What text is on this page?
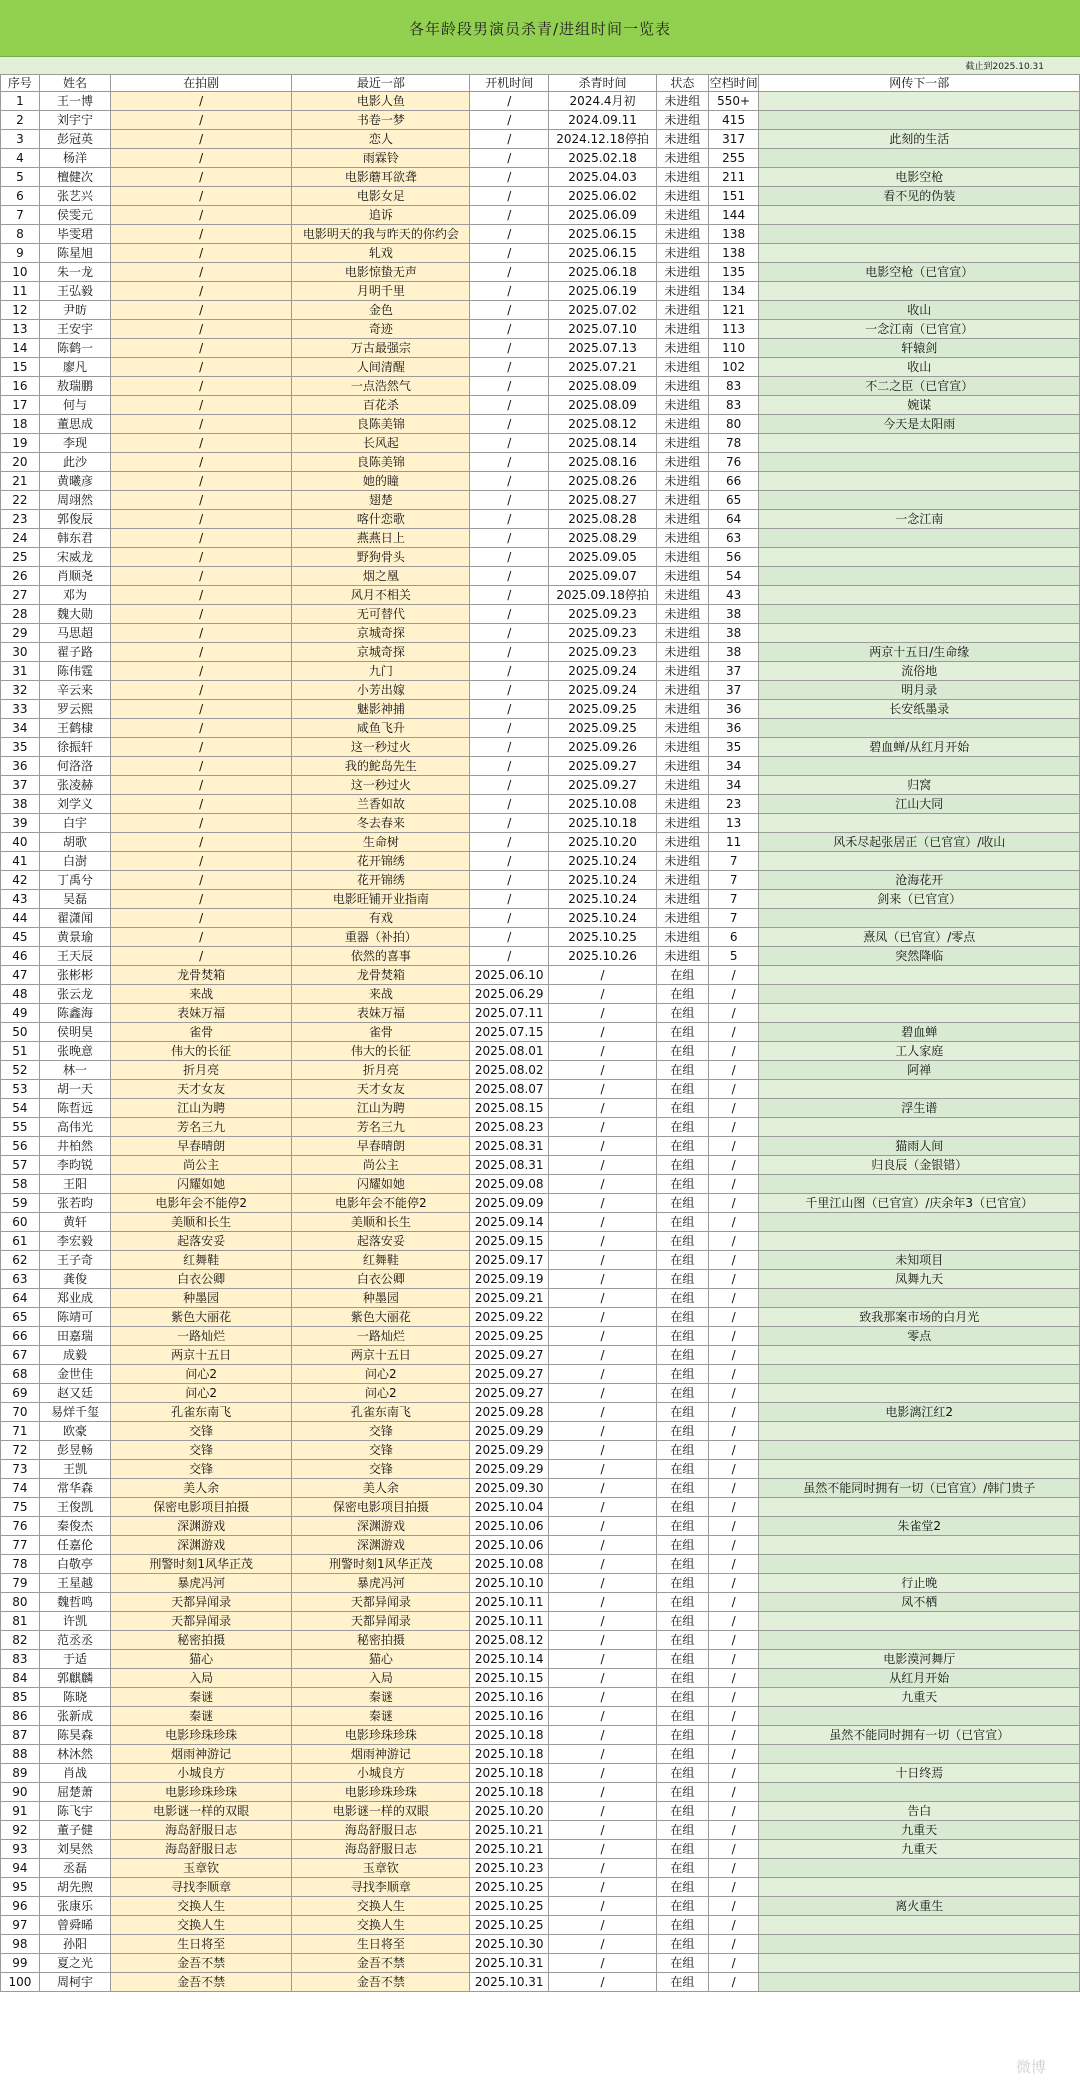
各年龄段男演员杀青/进组时间一览表
截止到2025.10.31
序号	姓名	在拍剧	最近一部	开机时间	杀青时间	状态	空档时间	网传下一部
1	王一博	/	电影人鱼	/	2024.4月初	未进组	550+	
2	刘宇宁	/	书卷一梦	/	2024.09.11	未进组	415	
3	彭冠英	/	恋人	/	2024.12.18停拍	未进组	317	此刻的生活
4	杨洋	/	雨霖铃	/	2025.02.18	未进组	255	
5	檀健次	/	电影蘑耳欲聋	/	2025.04.03	未进组	211	电影空枪
6	张艺兴	/	电影女足	/	2025.06.02	未进组	151	看不见的伪装
7	侯雯元	/	追诉	/	2025.06.09	未进组	144	
8	毕雯珺	/	电影明天的我与昨天的你约会	/	2025.06.15	未进组	138	
9	陈星旭	/	轧戏	/	2025.06.15	未进组	138	
10	朱一龙	/	电影惊蛰无声	/	2025.06.18	未进组	135	电影空枪（已官宣）
11	王弘毅	/	月明千里	/	2025.06.19	未进组	134	
12	尹昉	/	金色	/	2025.07.02	未进组	121	收山
13	王安宇	/	奇迹	/	2025.07.10	未进组	113	一念江南（已官宣）
14	陈鹤一	/	万古最强宗	/	2025.07.13	未进组	110	轩辕剑
15	廖凡	/	人间清醒	/	2025.07.21	未进组	102	收山
16	敖瑞鹏	/	一点浩然气	/	2025.08.09	未进组	83	不二之臣（已官宣）
17	何与	/	百花杀	/	2025.08.09	未进组	83	婉谋
18	董思成	/	良陈美锦	/	2025.08.12	未进组	80	今天是太阳雨
19	李现	/	长风起	/	2025.08.14	未进组	78	
20	此沙	/	良陈美锦	/	2025.08.16	未进组	76	
21	黄曦彦	/	她的瞳	/	2025.08.26	未进组	66	
22	周翊然	/	翅楚	/	2025.08.27	未进组	65	
23	郭俊辰	/	喀什恋歌	/	2025.08.28	未进组	64	一念江南
24	韩东君	/	燕燕日上	/	2025.08.29	未进组	63	
25	宋威龙	/	野狗骨头	/	2025.09.05	未进组	56	
26	肖顺尧	/	烟之凰	/	2025.09.07	未进组	54	
27	邓为	/	风月不相关	/	2025.09.18停拍	未进组	43	
28	魏大勋	/	无可替代	/	2025.09.23	未进组	38	
29	马思超	/	京城奇探	/	2025.09.23	未进组	38	
30	翟子路	/	京城奇探	/	2025.09.23	未进组	38	两京十五日/生命缘
31	陈伟霆	/	九门	/	2025.09.24	未进组	37	流俗地
32	辛云来	/	小芳出嫁	/	2025.09.24	未进组	37	明月录
33	罗云熙	/	魅影神捕	/	2025.09.25	未进组	36	长安纸墨录
34	王鹤棣	/	咸鱼飞升	/	2025.09.25	未进组	36	
35	徐振轩	/	这一秒过火	/	2025.09.26	未进组	35	碧血蝉/从红月开始
36	何洛洛	/	我的鮀岛先生	/	2025.09.27	未进组	34	
37	张凌赫	/	这一秒过火	/	2025.09.27	未进组	34	归窝
38	刘学义	/	兰香如故	/	2025.10.08	未进组	23	江山大同
39	白宇	/	冬去春来	/	2025.10.18	未进组	13	
40	胡歌	/	生命树	/	2025.10.20	未进组	11	风禾尽起张居正（已官宣）/收山
41	白澍	/	花开锦绣	/	2025.10.24	未进组	7	
42	丁禹兮	/	花开锦绣	/	2025.10.24	未进组	7	沧海花开
43	吴磊	/	电影旺铺开业指南	/	2025.10.24	未进组	7	剑来（已官宣）
44	翟潇闻	/	有戏	/	2025.10.24	未进组	7	
45	黄景瑜	/	重器（补拍）	/	2025.10.25	未进组	6	熹凤（已官宣）/零点
46	王天辰	/	依然的喜事	/	2025.10.26	未进组	5	突然降临
47	张彬彬	龙骨焚箱	龙骨焚箱	2025.06.10	/	在组	/	
48	张云龙	来战	来战	2025.06.29	/	在组	/	
49	陈鑫海	表妹万福	表妹万福	2025.07.11	/	在组	/	
50	侯明昊	雀骨	雀骨	2025.07.15	/	在组	/	碧血蝉
51	张晚意	伟大的长征	伟大的长征	2025.08.01	/	在组	/	工人家庭
52	林一	折月亮	折月亮	2025.08.02	/	在组	/	阿禅
53	胡一天	天才女友	天才女友	2025.08.07	/	在组	/	
54	陈哲远	江山为聘	江山为聘	2025.08.15	/	在组	/	浮生谱
55	高伟光	芳名三九	芳名三九	2025.08.23	/	在组	/	
56	井柏然	早春晴朗	早春晴朗	2025.08.31	/	在组	/	猫雨人间
57	李昀锐	尚公主	尚公主	2025.08.31	/	在组	/	归良辰（金银错）
58	王阳	闪耀如她	闪耀如她	2025.09.08	/	在组	/	
59	张若昀	电影年会不能停2	电影年会不能停2	2025.09.09	/	在组	/	千里江山图（已官宣）/庆余年3（已官宣）
60	黄轩	美顺和长生	美顺和长生	2025.09.14	/	在组	/	
61	李宏毅	起落安妥	起落安妥	2025.09.15	/	在组	/	
62	王子奇	红舞鞋	红舞鞋	2025.09.17	/	在组	/	未知项目
63	龚俊	白衣公卿	白衣公卿	2025.09.19	/	在组	/	凤舞九天
64	郑业成	种墨园	种墨园	2025.09.21	/	在组	/	
65	陈靖可	紫色大丽花	紫色大丽花	2025.09.22	/	在组	/	致我那案市场的白月光
66	田嘉瑞	一路灿烂	一路灿烂	2025.09.25	/	在组	/	零点
67	成毅	两京十五日	两京十五日	2025.09.27	/	在组	/	
68	金世佳	问心2	问心2	2025.09.27	/	在组	/	
69	赵又廷	问心2	问心2	2025.09.27	/	在组	/	
70	易烊千玺	孔雀东南飞	孔雀东南飞	2025.09.28	/	在组	/	电影漓江红2
71	欧豪	交锋	交锋	2025.09.29	/	在组	/	
72	彭昱畅	交锋	交锋	2025.09.29	/	在组	/	
73	王凯	交锋	交锋	2025.09.29	/	在组	/	
74	常华森	美人余	美人余	2025.09.30	/	在组	/	虽然不能同时拥有一切（已官宣）/韩门贵子
75	王俊凯	保密电影项目拍摄	保密电影项目拍摄	2025.10.04	/	在组	/	
76	秦俊杰	深渊游戏	深渊游戏	2025.10.06	/	在组	/	朱雀堂2
77	任嘉伦	深渊游戏	深渊游戏	2025.10.06	/	在组	/	
78	白敬亭	刑警时刻1风华正茂	刑警时刻1风华正茂	2025.10.08	/	在组	/	
79	王星越	暴虎冯河	暴虎冯河	2025.10.10	/	在组	/	行止晚
80	魏哲鸣	天都异闻录	天都异闻录	2025.10.11	/	在组	/	凤不栖
81	许凯	天都异闻录	天都异闻录	2025.10.11	/	在组	/	
82	范丞丞	秘密拍摄	秘密拍摄	2025.08.12	/	在组	/	
83	于适	猫心	猫心	2025.10.14	/	在组	/	电影漠河舞厅
84	郭麒麟	入局	入局	2025.10.15	/	在组	/	从红月开始
85	陈晓	秦谜	秦谜	2025.10.16	/	在组	/	九重天
86	张新成	秦谜	秦谜	2025.10.16	/	在组	/	
87	陈昊森	电影珍珠珍珠	电影珍珠珍珠	2025.10.18	/	在组	/	虽然不能同时拥有一切（已官宣）
88	林沐然	烟雨神游记	烟雨神游记	2025.10.18	/	在组	/	
89	肖战	小城良方	小城良方	2025.10.18	/	在组	/	十日终焉
90	屈楚萧	电影珍珠珍珠	电影珍珠珍珠	2025.10.18	/	在组	/	
91	陈飞宇	电影谜一样的双眼	电影谜一样的双眼	2025.10.20	/	在组	/	告白
92	董子健	海岛舒服日志	海岛舒服日志	2025.10.21	/	在组	/	九重天
93	刘昊然	海岛舒服日志	海岛舒服日志	2025.10.21	/	在组	/	九重天
94	丞磊	玉章钦	玉章钦	2025.10.23	/	在组	/	
95	胡先煦	寻找李顺章	寻找李顺章	2025.10.25	/	在组	/	
96	张康乐	交换人生	交换人生	2025.10.25	/	在组	/	离火重生
97	曾舜晞	交换人生	交换人生	2025.10.25	/	在组	/	
98	孙阳	生日将至	生日将至	2025.10.30	/	在组	/	
99	夏之光	金吾不禁	金吾不禁	2025.10.31	/	在组	/	
100	周柯宇	金吾不禁	金吾不禁	2025.10.31	/	在组	/	
微博
